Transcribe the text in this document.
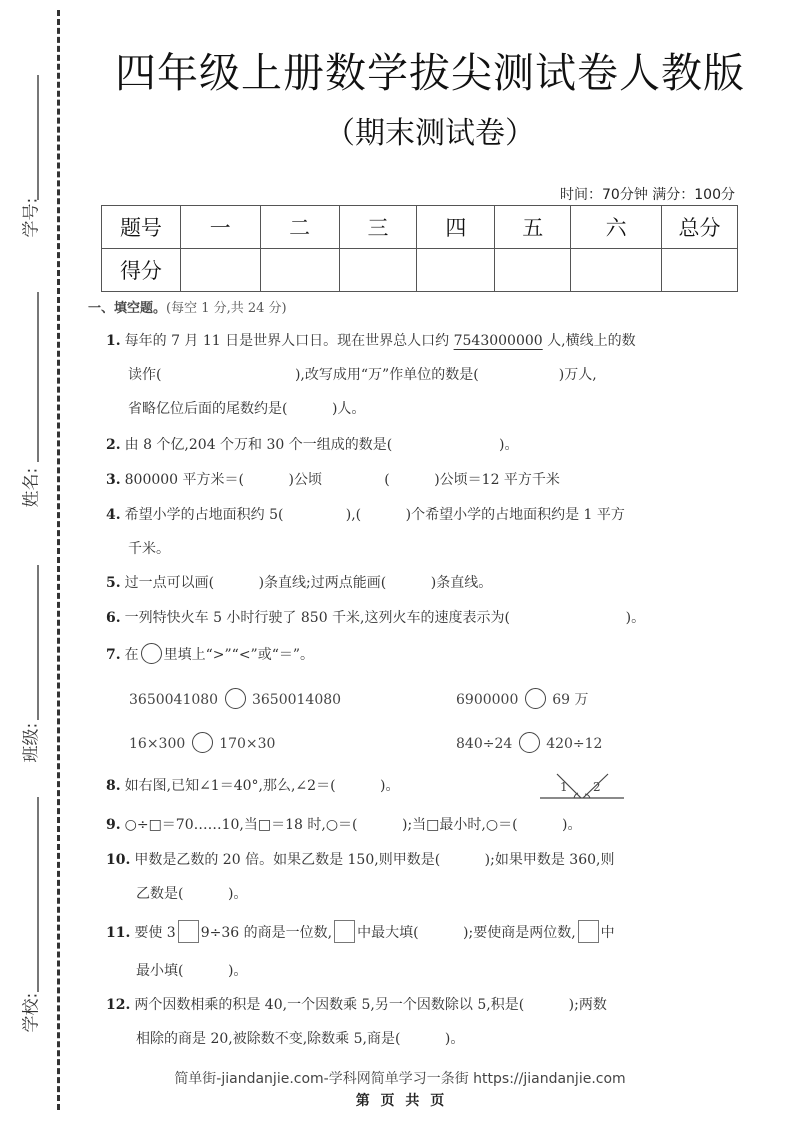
学号:
姓名:
班级:
学校:
四年级上册数学拔尖测试卷人教版
（期末测试卷）
时间：70分钟 满分：100分
题号	一	二	三	四	五	六	总分
得分							
一、填空题。(每空 1 分,共 24 分)
1. 每年的 7 月 11 日是世界人口日。现在世界总人口约 7543000000 人,横线上的数
读作(                              ),改写成用“万”作单位的数是(                  )万人,
省略亿位后面的尾数约是(          )人。
2. 由 8 个亿,204 个万和 30 个一组成的数是(                        )。
3. 800000 平方米＝(          )公顷              (          )公顷＝12 平方千米
4. 希望小学的占地面积约 5(              ),(          )个希望小学的占地面积约是 1 平方
千米。
5. 过一点可以画(          )条直线;过两点能画(          )条直线。
6. 一列特快火车 5 小时行驶了 850 千米,这列火车的速度表示为(                          )。
7. 在 里填上“>”“<”或“＝”。
3650041080 3650014080	6900000 69 万
16×300 170×30	840÷24 420÷12
8. 如右图,已知∠1＝40°,那么,∠2＝(          )。	1 2
9. ○÷□＝70……10,当□＝18 时,○＝(          );当□最小时,○＝(          )。
10. 甲数是乙数的 20 倍。如果乙数是 150,则甲数是(          );如果甲数是 360,则
乙数是(          )。
11. 要使 3 9÷36 的商是一位数, 中最大填(          );要使商是两位数, 中
最小填(          )。
12. 两个因数相乘的积是 40,一个因数乘 5,另一个因数除以 5,积是(          );两数
相除的商是 20,被除数不变,除数乘 5,商是(          )。
简单街-jiandanjie.com-学科网简单学习一条街 https://jiandanjie.com
第 页 共 页
